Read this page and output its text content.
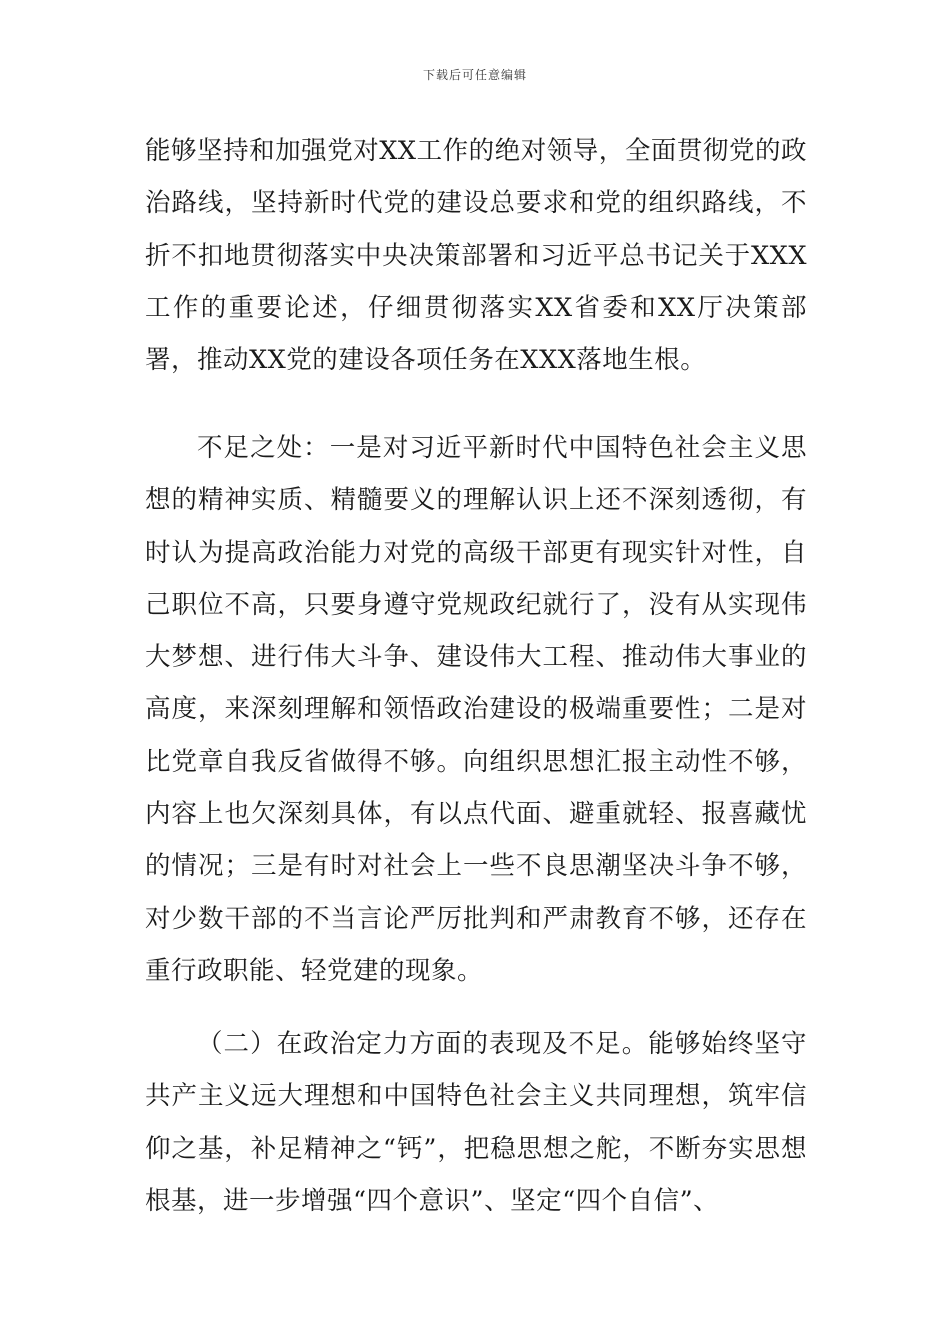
下载后可任意编辑

能够坚持和加强党对XX工作的绝对领导，全面贯彻党的政治路线，坚持新时代党的建设总要求和党的组织路线，不折不扣地贯彻落实中央决策部署和习近平总书记关于XXX工作的重要论述，仔细贯彻落实XX省委和XX厅决策部署，推动XX党的建设各项任务在XXX落地生根。

不足之处：一是对习近平新时代中国特色社会主义思想的精神实质、精髓要义的理解认识上还不深刻透彻，有时认为提高政治能力对党的高级干部更有现实针对性，自己职位不高，只要身遵守党规政纪就行了，没有从实现伟大梦想、进行伟大斗争、建设伟大工程、推动伟大事业的高度，来深刻理解和领悟政治建设的极端重要性；二是对比党章自我反省做得不够。向组织思想汇报主动性不够，内容上也欠深刻具体，有以点代面、避重就轻、报喜藏忧的情况；三是有时对社会上一些不良思潮坚决斗争不够，对少数干部的不当言论严厉批判和严肃教育不够，还存在重行政职能、轻党建的现象。

（二）在政治定力方面的表现及不足。能够始终坚守共产主义远大理想和中国特色社会主义共同理想，筑牢信仰之基，补足精神之“钙”，把稳思想之舵，不断夯实思想根基，进一步增强“四个意识”、坚定“四个自信”、
